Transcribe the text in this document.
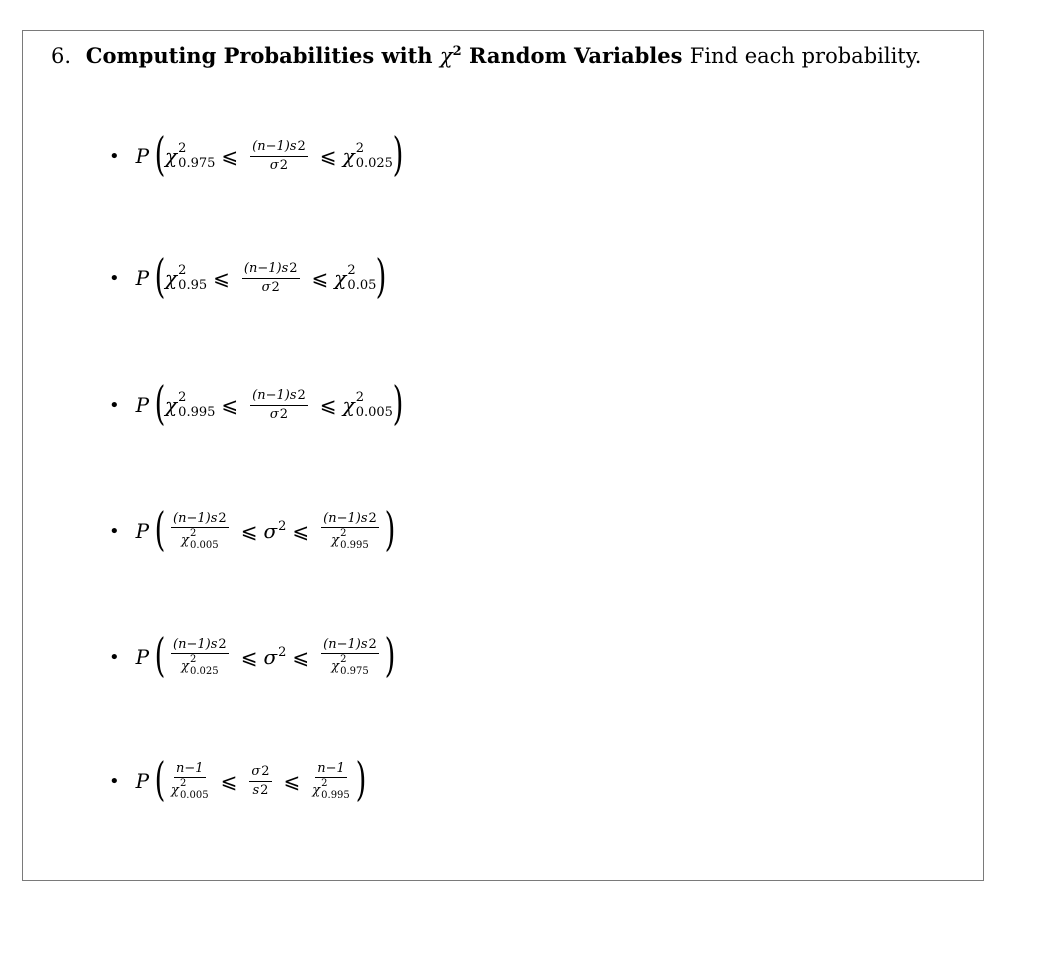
6. Computing Probabilities with $\chi^2$ Random Variables Find each probability.
• P ( χ 2
0.975 ⩽ $\frac{(n-1)s 2}{\sigma 2}$ ⩽ χ 2
0.025 )
• P ( χ 2
0.95 ⩽ $\frac{(n-1)s 2}{\sigma 2}$ ⩽ χ 2
0.05 )
• P ( χ 2
0.995 ⩽ $\frac{(n-1)s 2}{\sigma 2}$ ⩽ χ 2
0.005 )
• P ( (n−1)s 2
χ 2
0.005 ⩽ $\sigma^2$ ⩽ (n−1)s 2
χ 2
0.995 )
• P ( (n−1)s 2
χ 2
0.025 ⩽ $\sigma^2$ ⩽ (n−1)s 2
χ 2
0.975 )
• P ( n−1
χ 2
0.005 ⩽ $\frac{\sigma 2}{s 2}$ ⩽ n−1
χ 2
0.995 )
